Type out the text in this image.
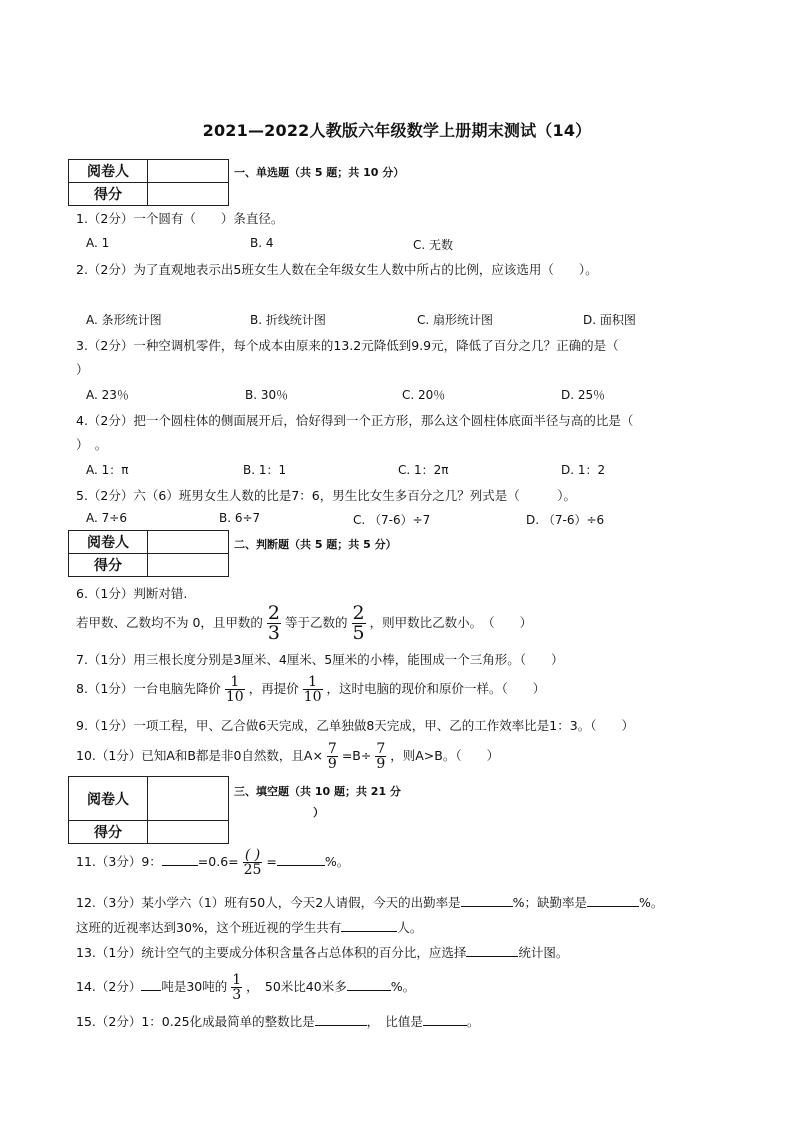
2021—2022人教版六年级数学上册期末测试（14）
阅卷人	
得分	
一、单选题（共 5 题；共 10 分）
1.（2分）一个圆有（　　）条直径。
A. 1	B. 4	C. 无数
2.（2分）为了直观地表示出5班女生人数在全年级女生人数中所占的比例，应该选用（　　）。
A. 条形统计图	B. 折线统计图	C. 扇形统计图	D. 面积图
3.（2分）一种空调机零件，每个成本由原来的13.2元降低到9.9元，降低了百分之几？正确的是（
）
A. 23％	B. 30％	C. 20％	D. 25％
4.（2分）把一个圆柱体的侧面展开后，恰好得到一个正方形，那么这个圆柱体底面半径与高的比是（
）　。
A. 1：π	B. 1：1	C. 1：2π	D. 1：2
5.（2分）六（6）班男女生人数的比是7：6，男生比女生多百分之几？列式是（　　　）。
A. 7÷6	B. 6÷7	C. （7-6）÷7	D. （7-6）÷6
阅卷人	
得分	
二、判断题（共 5 题；共 5 分）
6.（1分）判断对错.
若甲数、乙数均不为 0，且甲数的 $\frac{2}{3}$ 等于乙数的 $\frac{2}{5}$ ，则甲数比乙数小。　（　　）
7.（1分）用三根长度分别是3厘米、4厘米、5厘米的小棒，能围成一个三角形。（　　）
8.（1分）一台电脑先降价 $\frac{1}{10}$ ，再提价 $\frac{1}{10}$ ，这时电脑的现价和原价一样。（　　）
9.（1分）一项工程，甲、乙合做6天完成，乙单独做8天完成，甲、乙的工作效率比是1：3。（　　）
10.（1分）已知A和B都是非0自然数，且$A\times \frac{7}{9} =B\div \frac{7}{9}$ ，则A>B。（　　）
阅卷人	
得分	
三、填空题（共 10 题；共 21 分
）
11.（3分）9：	$=0.6= \frac{( )}{25}$ =	%。
12.（3分）某小学六（1）班有50人，今天2人请假，今天的出勤率是	%；缺勤率是	%。
这班的近视率达到30%，这个班近视的学生共有	人。
13.（1分）统计空气的主要成分体积含量各占总体积的百分比，应选择	统计图。
14.（2分） 吨是30吨的 $\frac{1}{3}$ ，　50米比40米多	%。
15.（2分）1：0.25化成最简单的整数比是	，　比值是	。
